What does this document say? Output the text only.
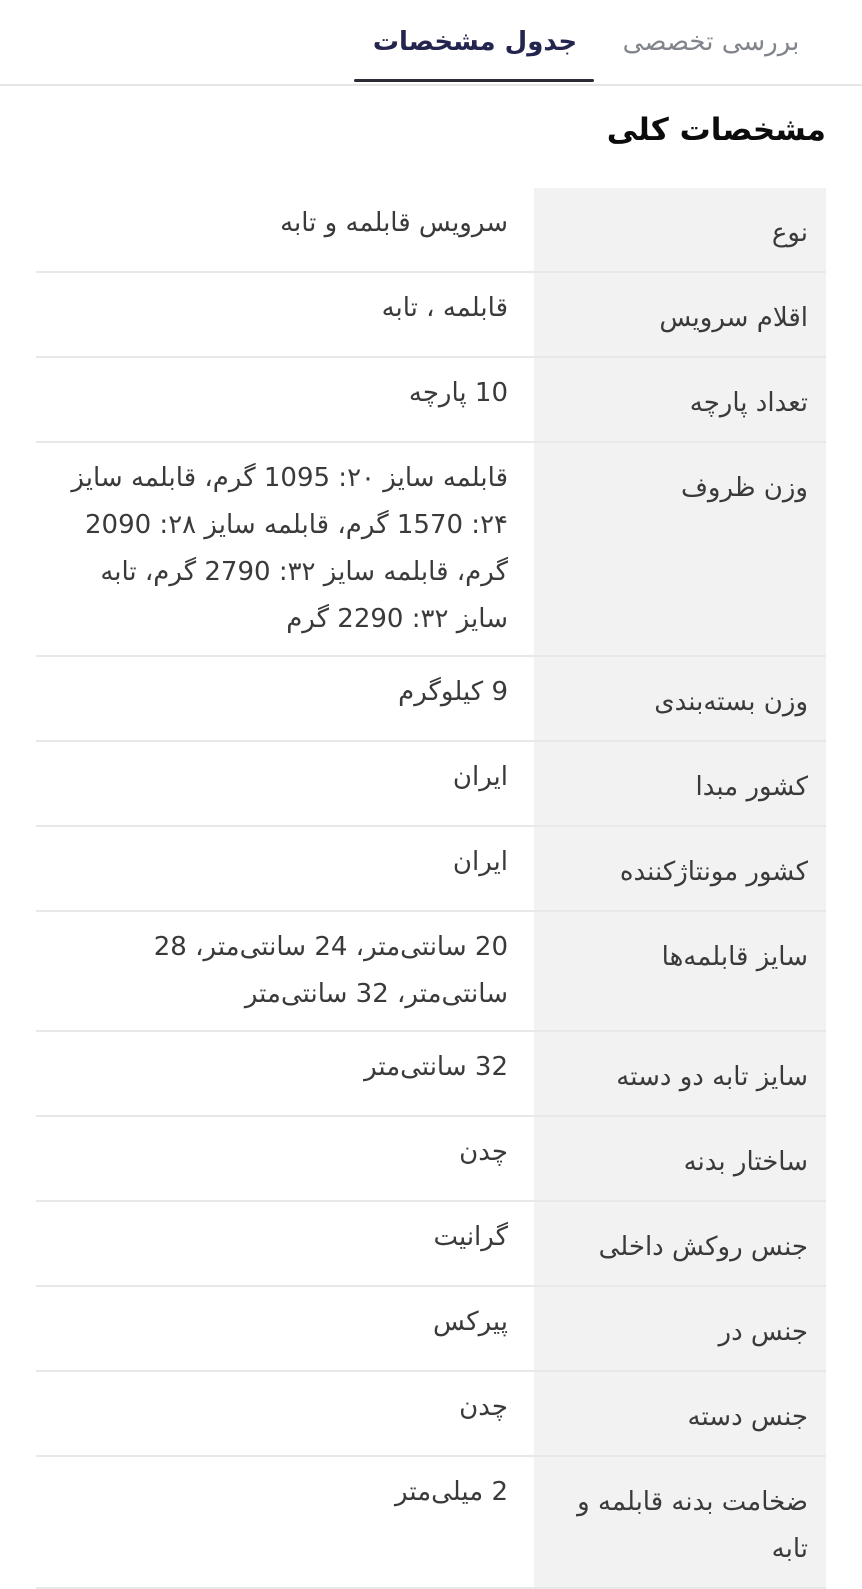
بررسی تخصصی
جدول مشخصات
مشخصات کلی
نوع
سرویس قابلمه و تابه
اقلام سرویس
قابلمه ، تابه
تعداد پارچه
10 پارچه
وزن ظروف
قابلمه سایز ۲۰: 1095 گرم، قابلمه سایز ۲۴: 1570 گرم، قابلمه سایز ۲۸: 2090 گرم، قابلمه سایز ۳۲: 2790 گرم، تابه سایز ۳۲: 2290 گرم
وزن بسته‌بندی
9 کیلوگرم
کشور مبدا
ایران
کشور مونتاژکننده
ایران
سایز قابلمه‌ها
20 سانتی‌متر، 24 سانتی‌متر، 28 سانتی‌متر، 32 سانتی‌متر
سایز تابه دو دسته
32 سانتی‌متر
ساختار بدنه
چدن
جنس روکش داخلی
گرانیت
جنس در
پیرکس
جنس دسته
چدن
ضخامت بدنه قابلمه و تابه
2 میلی‌متر
